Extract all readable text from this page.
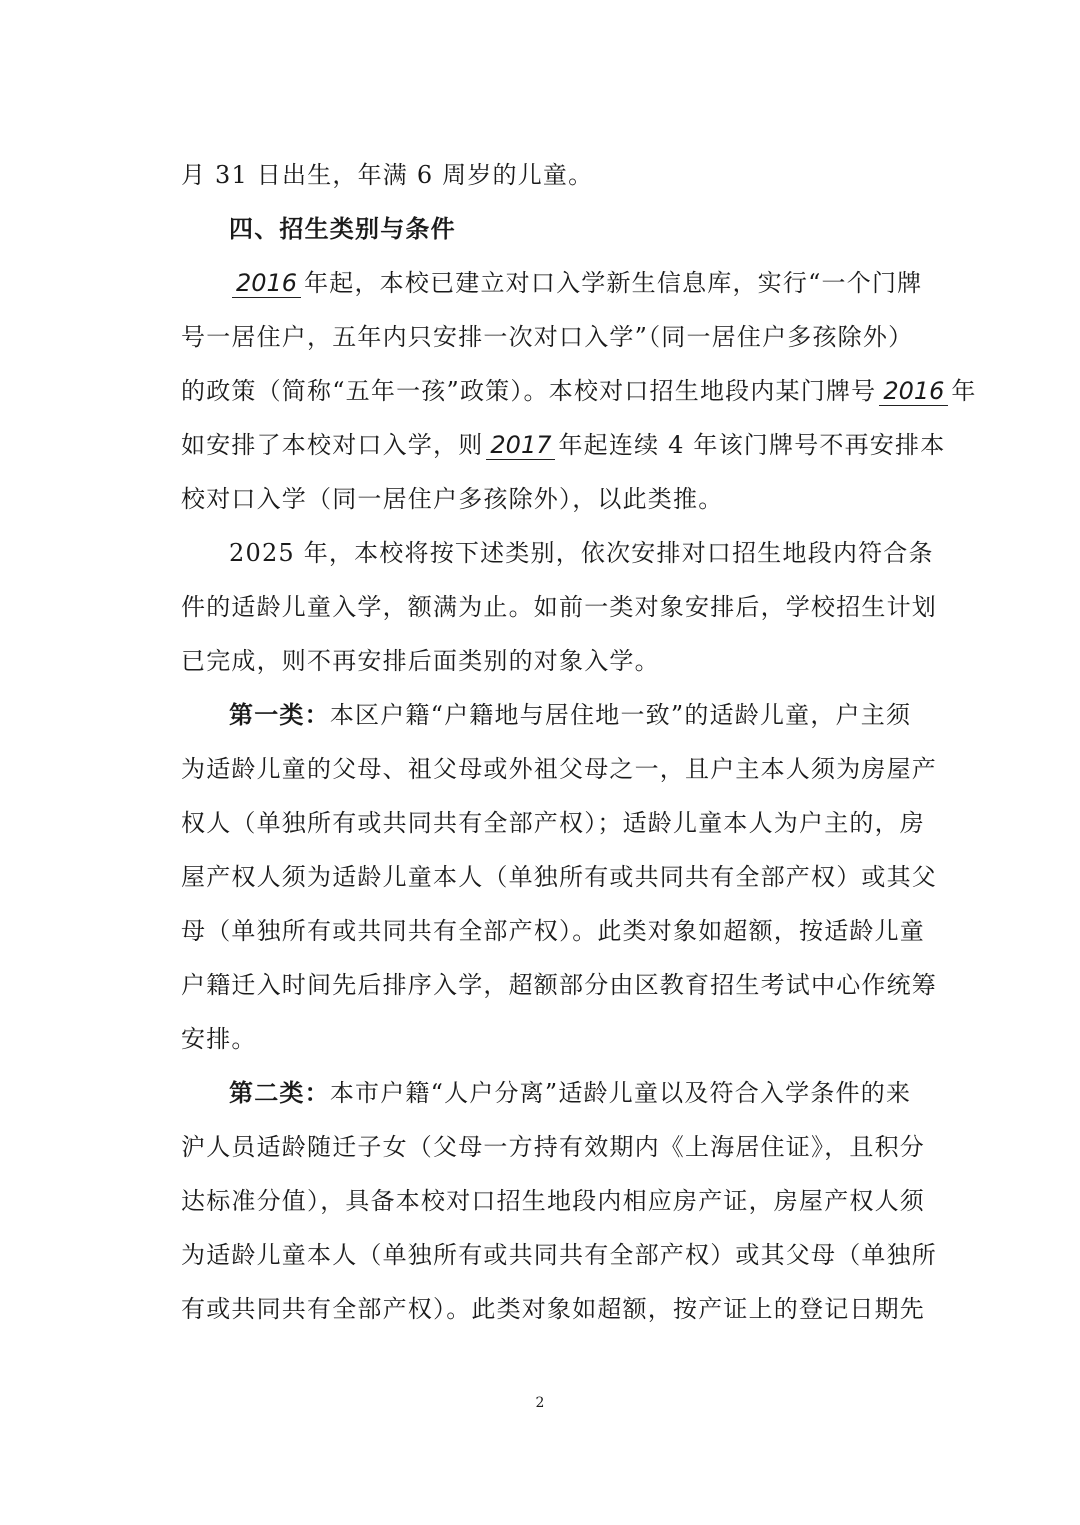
月 31 日出生，年满 6 周岁的儿童。
四、招生类别与条件
2016 年起，本校已建立对口入学新生信息库，实行“一个门牌
号一居住户，五年内只安排一次对口入学”（同一居住户多孩除外）
的政策（简称“五年一孩”政策）。本校对口招生地段内某门牌号 2016 年
如安排了本校对口入学，则 2017 年起连续 4 年该门牌号不再安排本
校对口入学（同一居住户多孩除外），以此类推。
2025 年，本校将按下述类别，依次安排对口招生地段内符合条
件的适龄儿童入学，额满为止。如前一类对象安排后，学校招生计划
已完成，则不再安排后面类别的对象入学。
第一类：本区户籍“户籍地与居住地一致”的适龄儿童，户主须
为适龄儿童的父母、祖父母或外祖父母之一，且户主本人须为房屋产
权人（单独所有或共同共有全部产权）；适龄儿童本人为户主的，房
屋产权人须为适龄儿童本人（单独所有或共同共有全部产权）或其父
母（单独所有或共同共有全部产权）。此类对象如超额，按适龄儿童
户籍迁入时间先后排序入学，超额部分由区教育招生考试中心作统筹
安排。
第二类：本市户籍“人户分离”适龄儿童以及符合入学条件的来
沪人员适龄随迁子女（父母一方持有效期内《上海居住证》，且积分
达标准分值），具备本校对口招生地段内相应房产证，房屋产权人须
为适龄儿童本人（单独所有或共同共有全部产权）或其父母（单独所
有或共同共有全部产权）。此类对象如超额，按产证上的登记日期先
2
